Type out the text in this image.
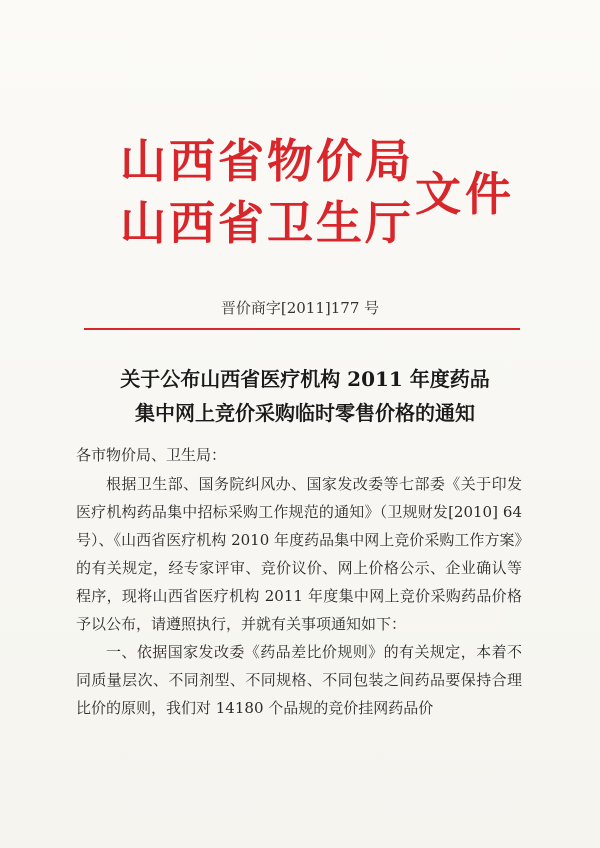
山西省物价局
山西省卫生厅
文件
晋价商字[2011]177 号
关于公布山西省医疗机构 2011 年度药品
集中网上竞价采购临时零售价格的通知
各市物价局、卫生局：

根据卫生部、国务院纠风办、国家发改委等七部委《关于印发医疗机构药品集中招标采购工作规范的通知》（卫规财发[2010] 64 号）、《山西省医疗机构 2010 年度药品集中网上竞价采购工作方案》的有关规定，经专家评审、竞价议价、网上价格公示、企业确认等程序，现将山西省医疗机构 2011 年度集中网上竞价采购药品价格予以公布，请遵照执行，并就有关事项通知如下：

一、依据国家发改委《药品差比价规则》的有关规定，本着不同质量层次、不同剂型、不同规格、不同包装之间药品要保持合理比价的原则，我们对 14180 个品规的竞价挂网药品价
